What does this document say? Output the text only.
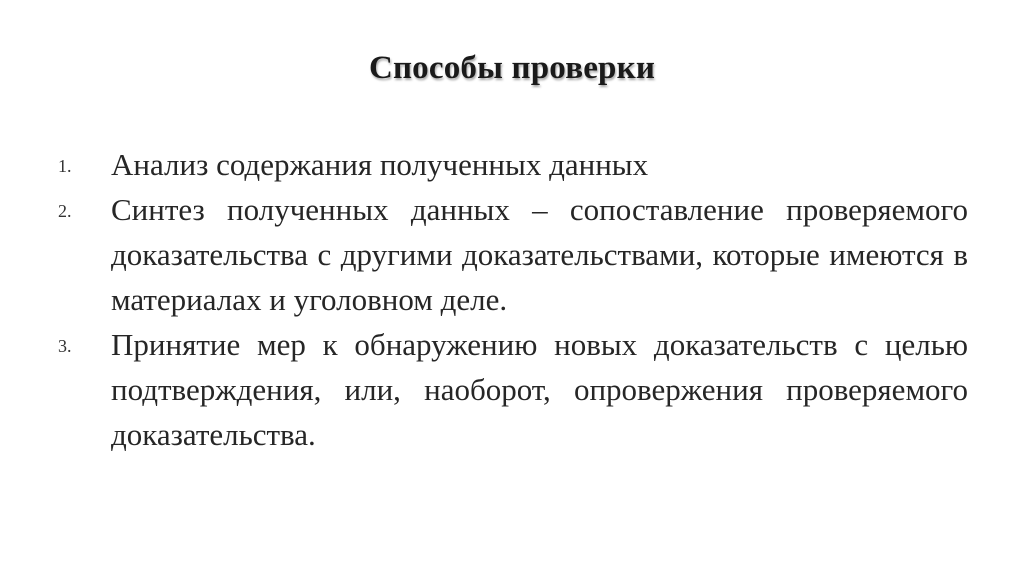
Способы проверки
1. Анализ содержания полученных данных
2. Синтез полученных данных – сопоставление проверяемого доказательства с другими доказательствами, которые имеются в материалах и уголовном деле.
3. Принятие мер к обнаружению новых доказательств с целью подтверждения, или, наоборот, опровержения проверяемого доказательства.
